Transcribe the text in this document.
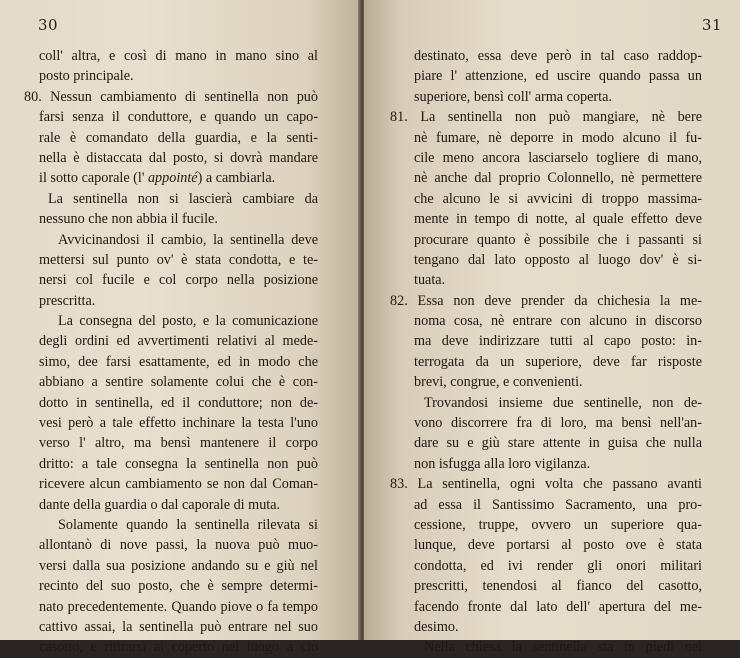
30
coll' altra, e così di mano in mano sino al
posto principale.
80. Nessun cambiamento di sentinella non può
farsi senza il conduttore, e quando un capo-
rale è comandato della guardia, e la senti-
nella è distaccata dal posto, si dovrà mandare
il sotto caporale (l' appointé) a cambiarla.
La sentinella non si lascierà cambiare da
nessuno che non abbia il fucile.
Avvicinandosi il cambio, la sentinella deve
mettersi sul punto ov' è stata condotta, e te-
nersi col fucile e col corpo nella posizione
prescritta.
La consegna del posto, e la comunicazione
degli ordini ed avvertimenti relativi al mede-
simo, dee farsi esattamente, ed in modo che
abbiano a sentire solamente colui che è con-
dotto in sentinella, ed il conduttore; non de-
vesi però a tale effetto inchinare la testa l'uno
verso l' altro, ma bensì mantenere il corpo
dritto: a tale consegna la sentinella non può
ricevere alcun cambiamento se non dal Coman-
dante della guardia o dal caporale di muta.
Solamente quando la sentinella rilevata si
allontanò di nove passi, la nuova può muo-
versi dalla sua posizione andando su e giù nel
recinto del suo posto, che è sempre determi-
nato precedentemente. Quando piove o fa tempo
cattivo assai, la sentinella può entrare nel suo
casotto, e ritirarsi al coperto nel luogo a ciò
31
destinato, essa deve però in tal caso raddop-
piare l' attenzione, ed uscire quando passa un
superiore, bensì coll' arma coperta.
81. La sentinella non può mangiare, nè bere
nè fumare, nè deporre in modo alcuno il fu-
cile meno ancora lasciarselo togliere di mano,
nè anche dal proprio Colonnello, nè permettere
che alcuno le si avvicini di troppo massima-
mente in tempo di notte, al quale effetto deve
procurare quanto è possibile che i passanti si
tengano dal lato opposto al luogo dov' è si-
tuata.
82. Essa non deve prender da chichesia la me-
noma cosa, nè entrare con alcuno in discorso
ma deve indirizzare tutti al capo posto: in-
terrogata da un superiore, deve far risposte
brevi, congrue, e convenienti.
Trovandosi insieme due sentinelle, non de-
vono discorrere fra di loro, ma bensì nell'an-
dare su e giù stare attente in guisa che nulla
non isfugga alla loro vigilanza.
83. La sentinella, ogni volta che passano avanti
ad essa il Santissimo Sacramento, una pro-
cessione, truppe, ovvero un superiore qua-
lunque, deve portarsi al posto ove è stata
condotta, ed ivi render gli onori militari
prescritti, tenendosi al fianco del casotto,
facendo fronte dal lato dell' apertura del me-
desimo.
Nella chiesa la sentinella sta in piedi nel
